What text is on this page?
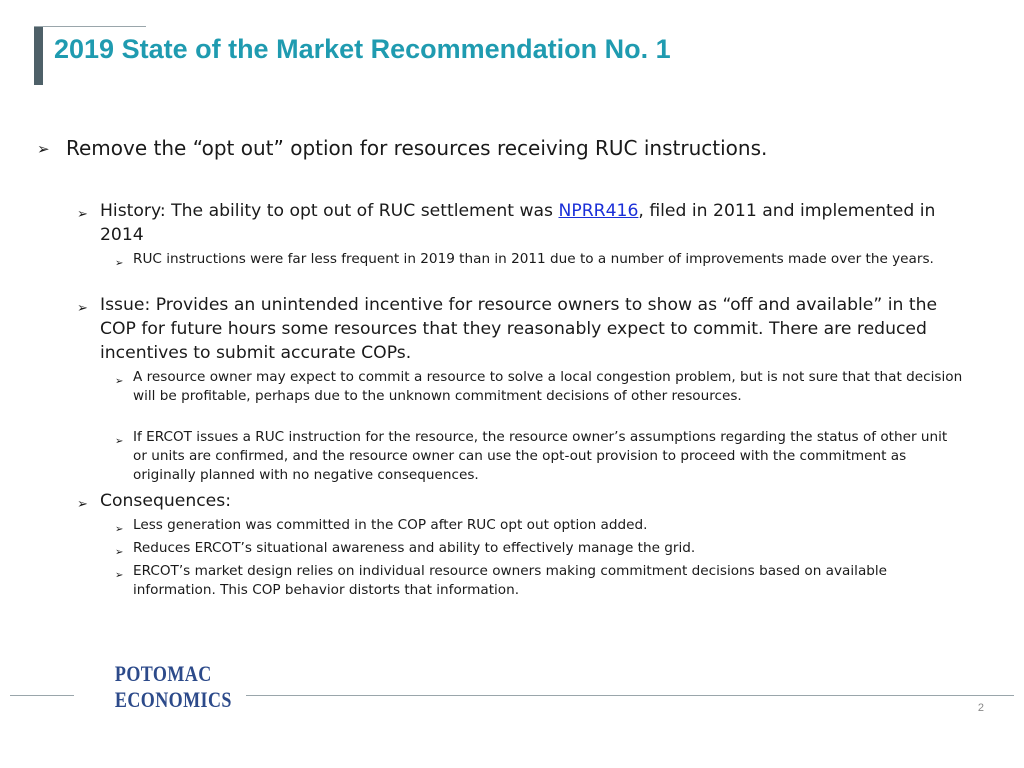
2019 State of the Market Recommendation No. 1
➢ Remove the “opt out” option for resources receiving RUC instructions.
➢ History: The ability to opt out of RUC settlement was NPRR416, filed in 2011 and implemented in 2014
➢ RUC instructions were far less frequent in 2019 than in 2011 due to a number of improvements made over the years.
➢ Issue: Provides an unintended incentive for resource owners to show as “off and available” in the COP for future hours some resources that they reasonably expect to commit. There are reduced incentives to submit accurate COPs.
➢ A resource owner may expect to commit a resource to solve a local congestion problem, but is not sure that that decision will be profitable, perhaps due to the unknown commitment decisions of other resources.
➢ If ERCOT issues a RUC instruction for the resource, the resource owner’s assumptions regarding the status of other unit or units are confirmed, and the resource owner can use the opt-out provision to proceed with the commitment as originally planned with no negative consequences.
➢ Consequences:
➢ Less generation was committed in the COP after RUC opt out option added.
➢ Reduces ERCOT’s situational awareness and ability to effectively manage the grid.
➢ ERCOT’s market design relies on individual resource owners making commitment decisions based on available information. This COP behavior distorts that information.
POTOMAC
ECONOMICS	2
